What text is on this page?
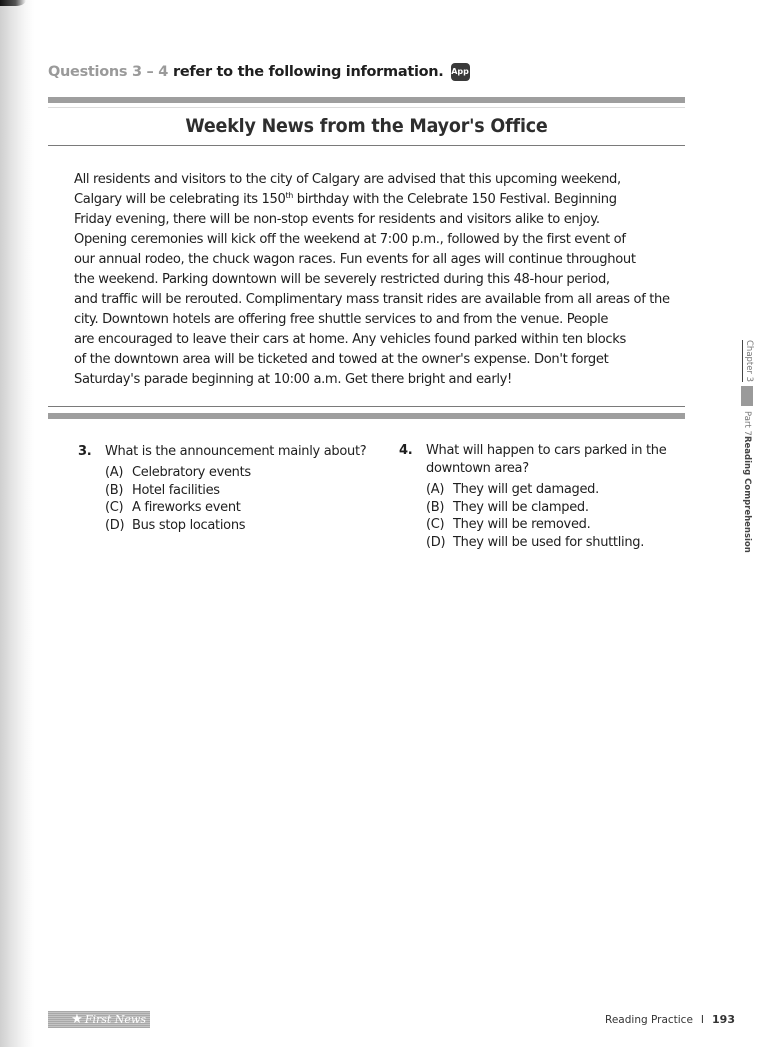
Questions 3 – 4 refer to the following information. App
Weekly News from the Mayor's Office
All residents and visitors to the city of Calgary are advised that this upcoming weekend,
Calgary will be celebrating its 150th birthday with the Celebrate 150 Festival. Beginning
Friday evening, there will be non-stop events for residents and visitors alike to enjoy.
Opening ceremonies will kick off the weekend at 7:00 p.m., followed by the first event of
our annual rodeo, the chuck wagon races. Fun events for all ages will continue throughout
the weekend. Parking downtown will be severely restricted during this 48-hour period,
and traffic will be rerouted. Complimentary mass transit rides are available from all areas of the
city. Downtown hotels are offering free shuttle services to and from the venue. People
are encouraged to leave their cars at home. Any vehicles found parked within ten blocks
of the downtown area will be ticketed and towed at the owner's expense. Don't forget
Saturday's parade beginning at 10:00 a.m. Get there bright and early!
3.	What is the announcement mainly about?
(A) Celebratory events
(B) Hotel facilities
(C) A fireworks event
(D) Bus stop locations
4.	What will happen to cars parked in the downtown area?
(A) They will get damaged.
(B) They will be clamped.
(C) They will be removed.
(D) They will be used for shuttling.
Chapter 3
Part 7
Reading Comprehension
★ First News	Reading Practice I 193
